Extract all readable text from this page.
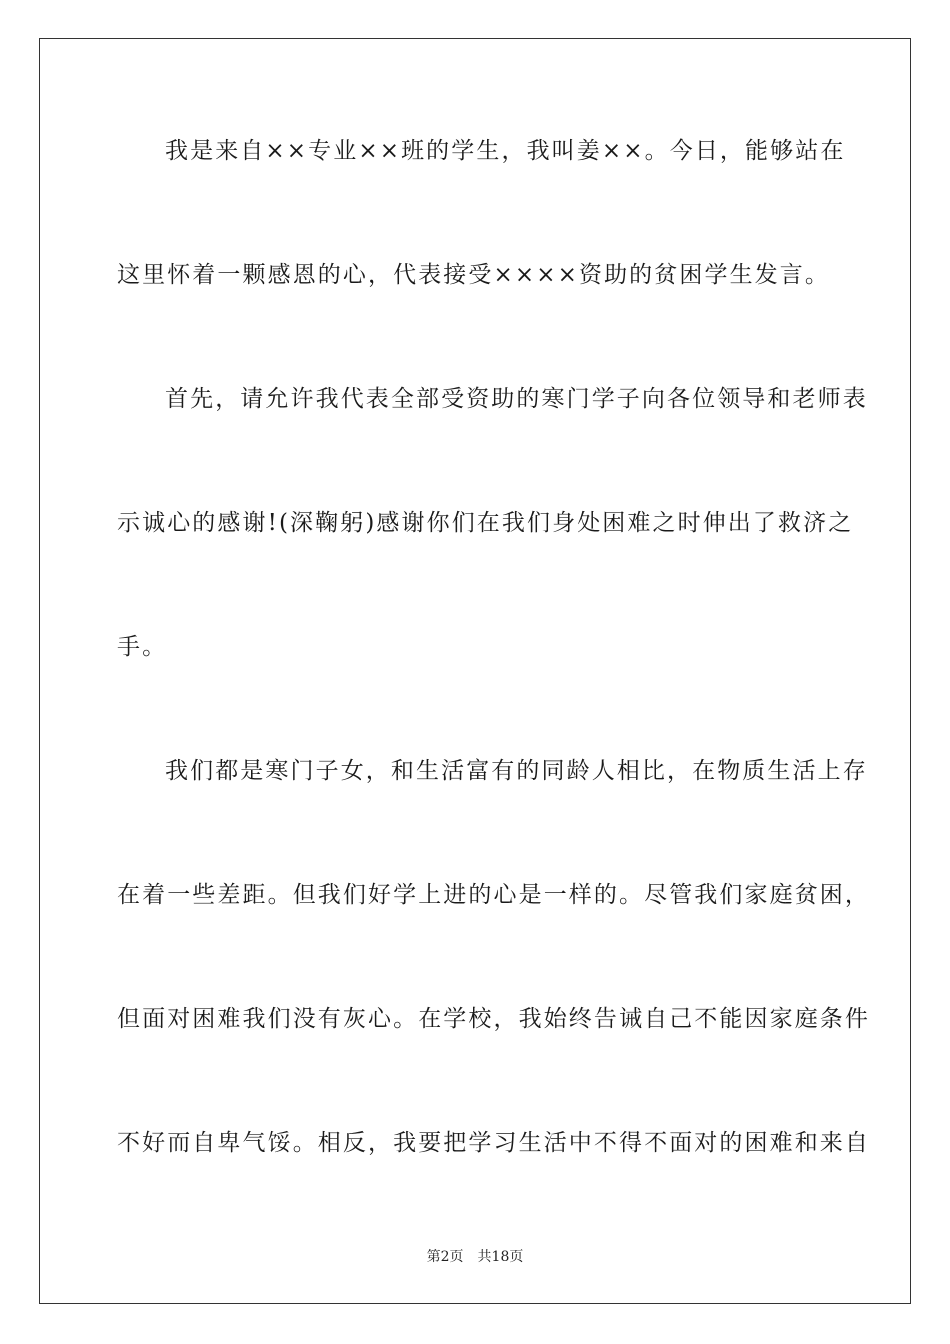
我是来自××专业××班的学生，我叫姜××。今日，能够站在
这里怀着一颗感恩的心，代表接受××××资助的贫困学生发言。
首先，请允许我代表全部受资助的寒门学子向各位领导和老师表
示诚心的感谢!(深鞠躬)感谢你们在我们身处困难之时伸出了救济之
手。
我们都是寒门子女，和生活富有的同龄人相比，在物质生活上存
在着一些差距。但我们好学上进的心是一样的。尽管我们家庭贫困，
但面对困难我们没有灰心。在学校，我始终告诫自己不能因家庭条件
不好而自卑气馁。相反，我要把学习生活中不得不面对的困难和来自
第2页 共18页
